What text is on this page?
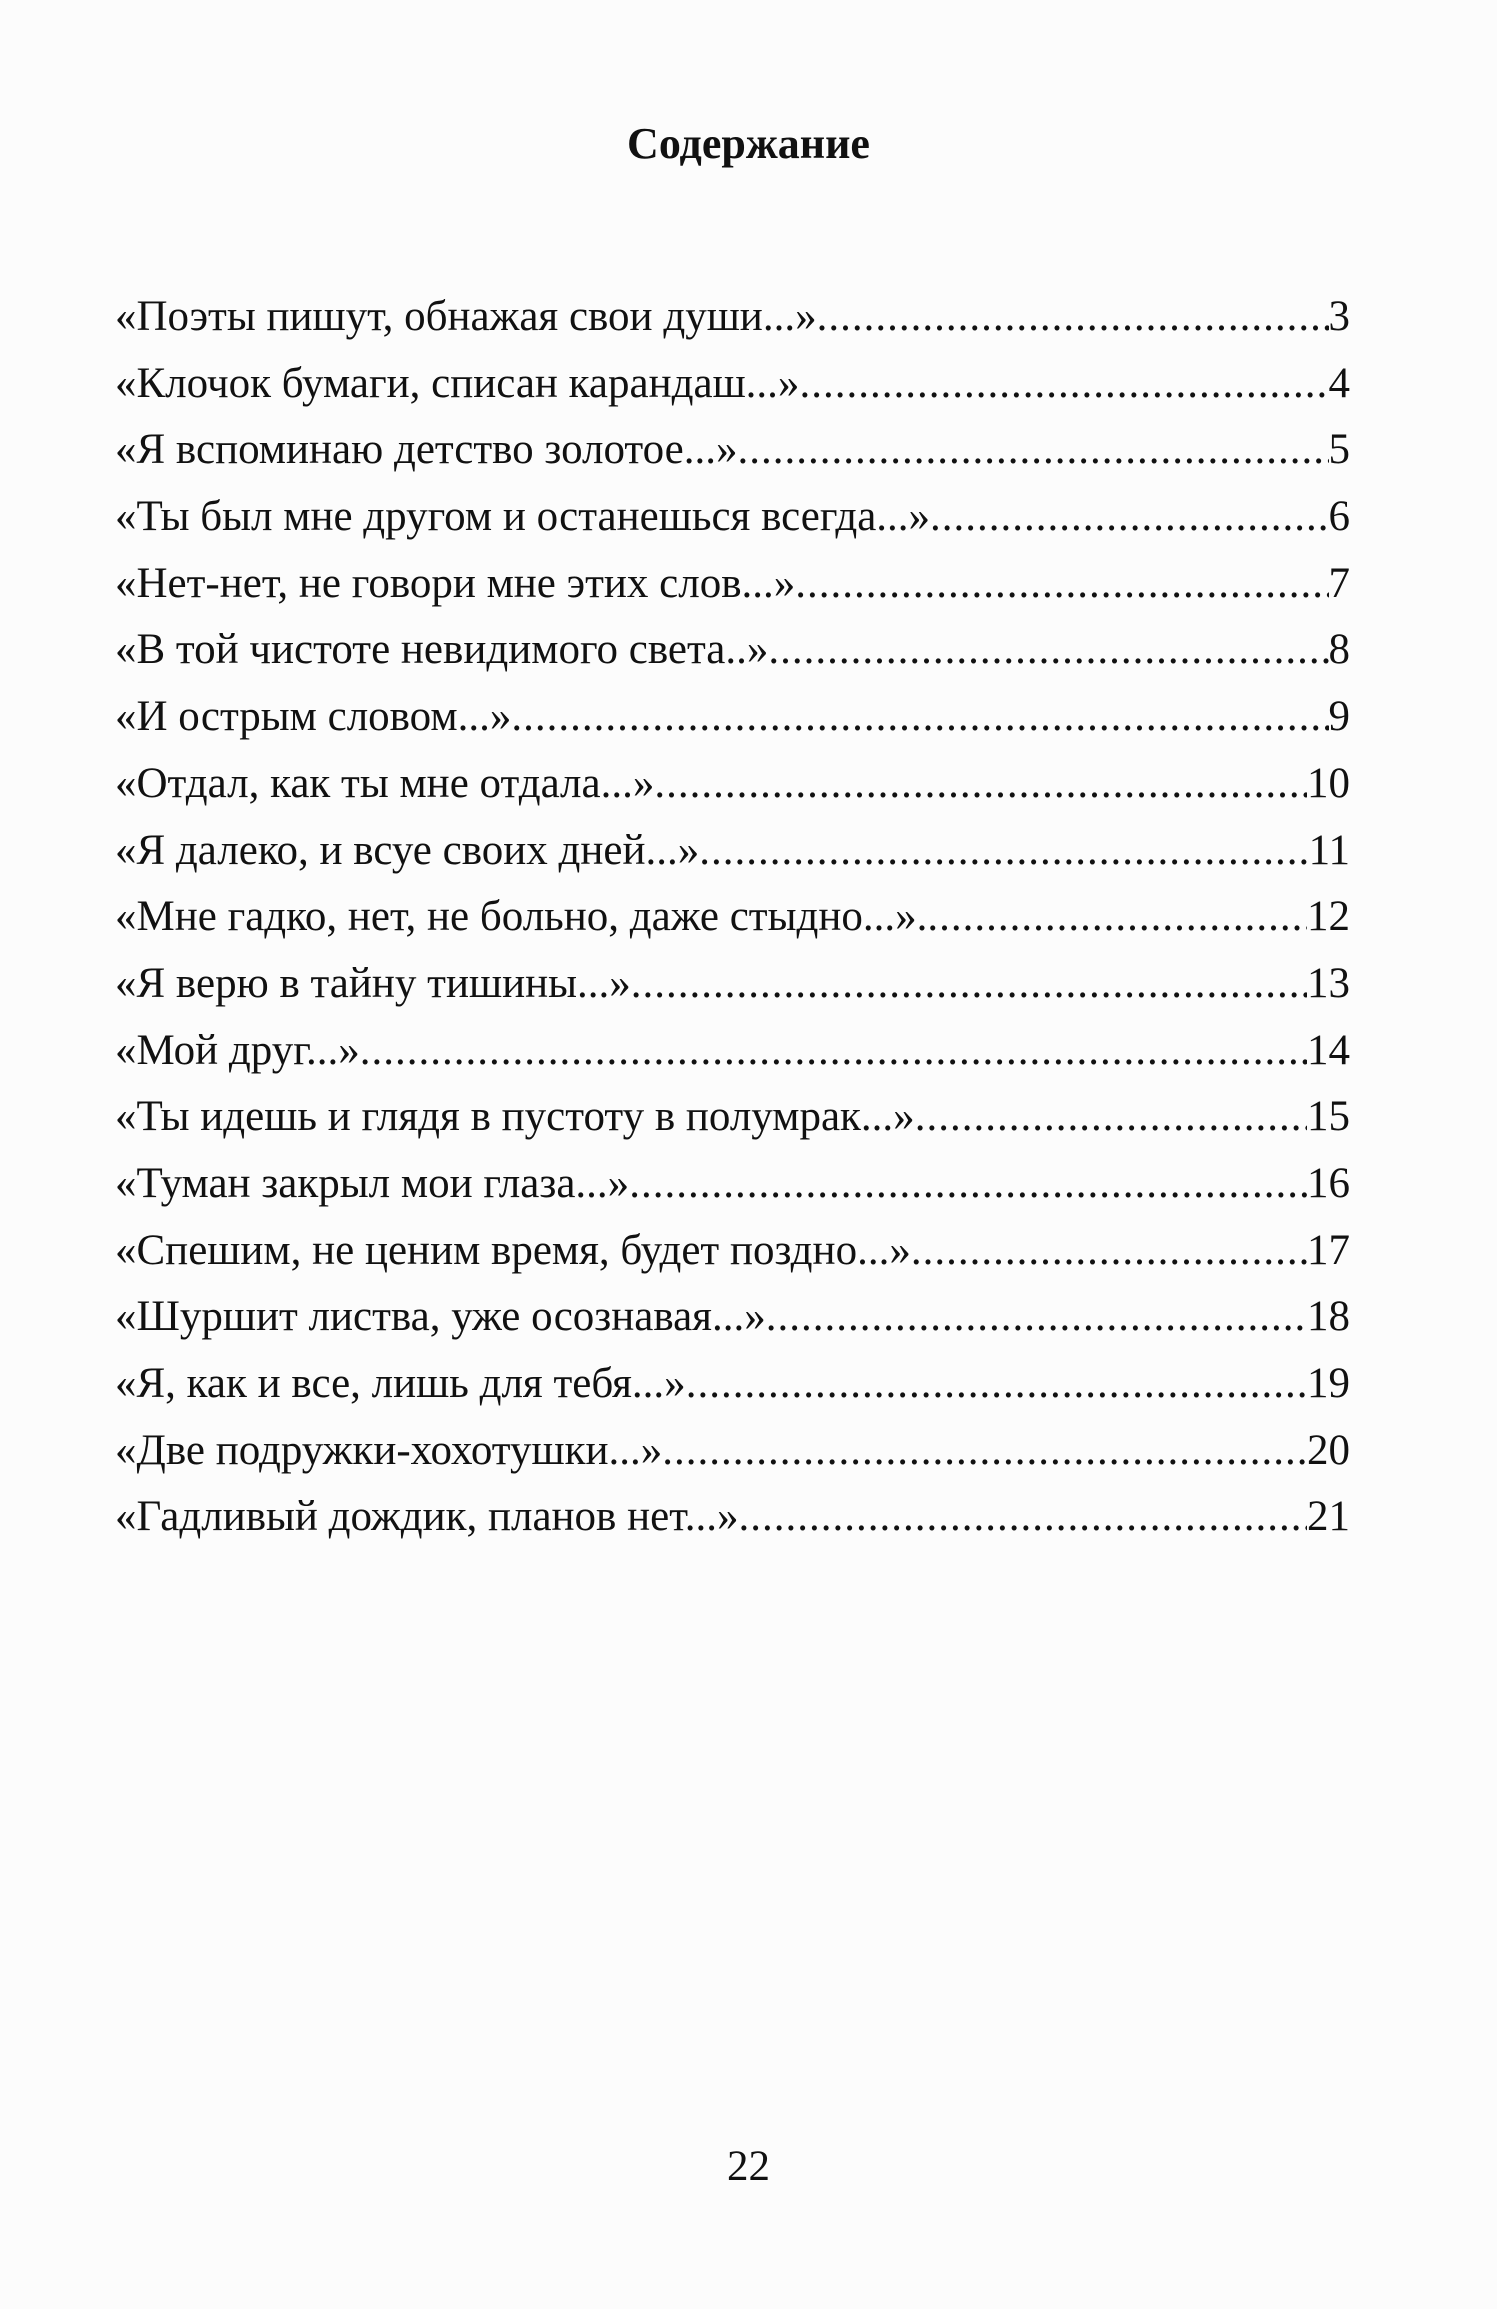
Содержание
«Поэты пишут, обнажая свои души...» .....	3
«Клочок бумаги, списан карандаш...» .....	4
«Я вспоминаю детство золотое...» .....	5
«Ты был мне другом и останешься всегда...» .....	6
«Нет-нет, не говори мне этих слов...» .....	7
«В той чистоте невидимого света..» .....	8
«И острым словом...» .....	9
«Отдал, как ты мне отдала...» .....	10
«Я далеко, и всуе своих дней...» .....	11
«Мне гадко, нет, не больно, даже стыдно...». .....	12
«Я верю в тайну тишины...» .....	13
«Мой друг...» .....	14
«Ты идешь и глядя в пустоту в полумрак...» .....	15
«Туман закрыл мои глаза...» .....	16
«Спешим, не ценим время, будет поздно...» .....	17
«Шуршит листва, уже осознавая...» .....	18
«Я, как и все, лишь для тебя...» .....	19
«Две подружки-хохотушки...» .....	20
«Гадливый дождик, планов нет...» .....	21
22
